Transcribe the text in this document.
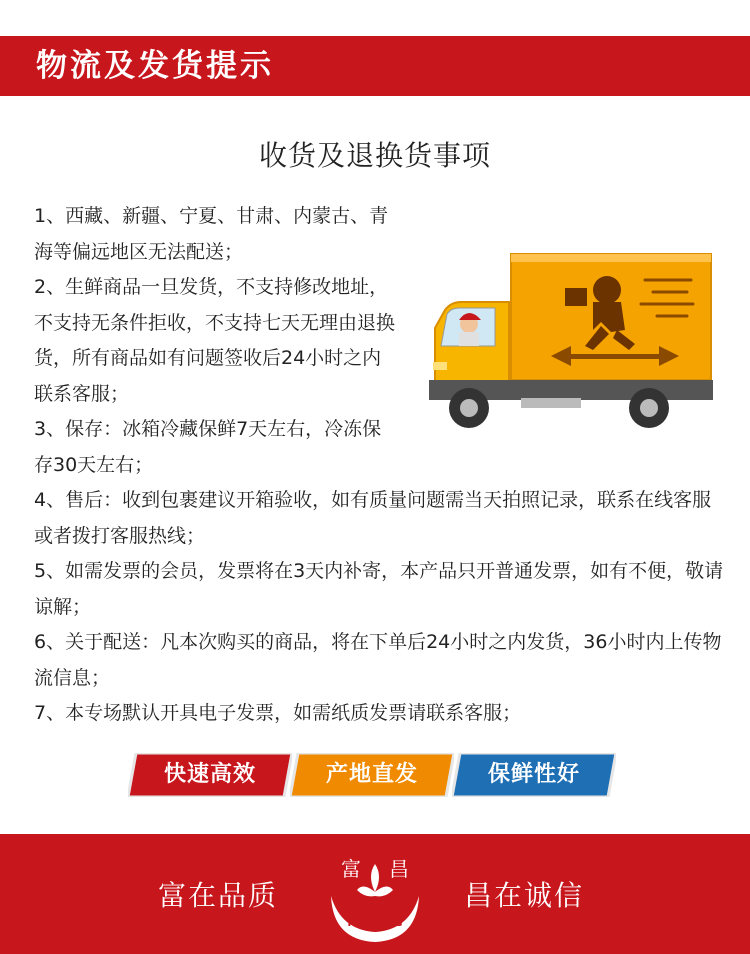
物流及发货提示
收货及退换货事项

1、西藏、新疆、宁夏、甘肃、内蒙古、青海等偏远地区无法配送；

2、生鲜商品一旦发货，不支持修改地址，不支持无条件拒收，不支持七天无理由退换货，所有商品如有问题签收后24小时之内联系客服；

3、保存：冰箱冷藏保鲜7天左右，冷冻保存30天左右；

4、售后：收到包裹建议开箱验收，如有质量问题需当天拍照记录，联系在线客服或者拨打客服热线；

5、如需发票的会员，发票将在3天内补寄，本产品只开普通发票，如有不便，敬请谅解；

6、关于配送：凡本次购买的商品，将在下单后24小时之内发货，36小时内上传物流信息；

7、本专场默认开具电子发票，如需纸质发票请联系客服；

快速高效	产地直发	保鲜性好
富在品质
富 昌
FUCHANG
昌在诚信
